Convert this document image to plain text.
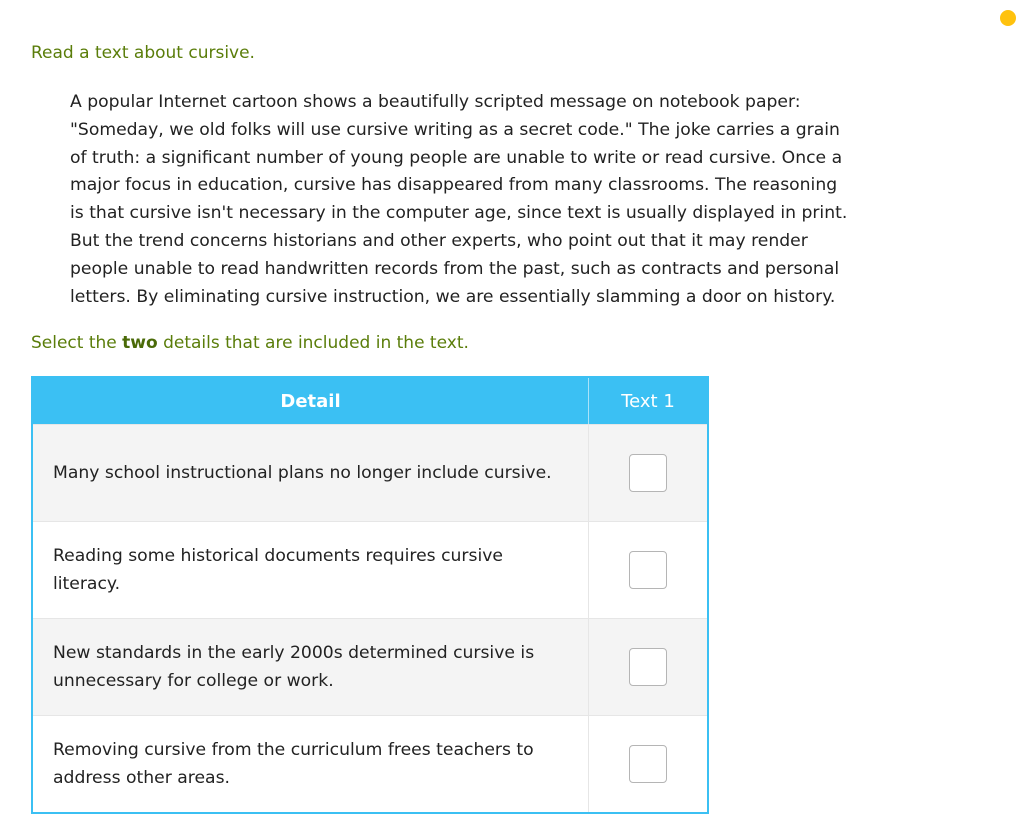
Read a text about cursive.

A popular Internet cartoon shows a beautifully scripted message on notebook paper:
"Someday, we old folks will use cursive writing as a secret code." The joke carries a grain
of truth: a significant number of young people are unable to write or read cursive. Once a
major focus in education, cursive has disappeared from many classrooms. The reasoning
is that cursive isn't necessary in the computer age, since text is usually displayed in print.
But the trend concerns historians and other experts, who point out that it may render
people unable to read handwritten records from the past, such as contracts and personal
letters. By eliminating cursive instruction, we are essentially slamming a door on history.

Select the two details that are included in the text.
Detail	Text 1
Many school instructional plans no longer include cursive.
Reading some historical documents requires cursive literacy.
New standards in the early 2000s determined cursive is unnecessary for college or work.
Removing cursive from the curriculum frees teachers to address other areas.
